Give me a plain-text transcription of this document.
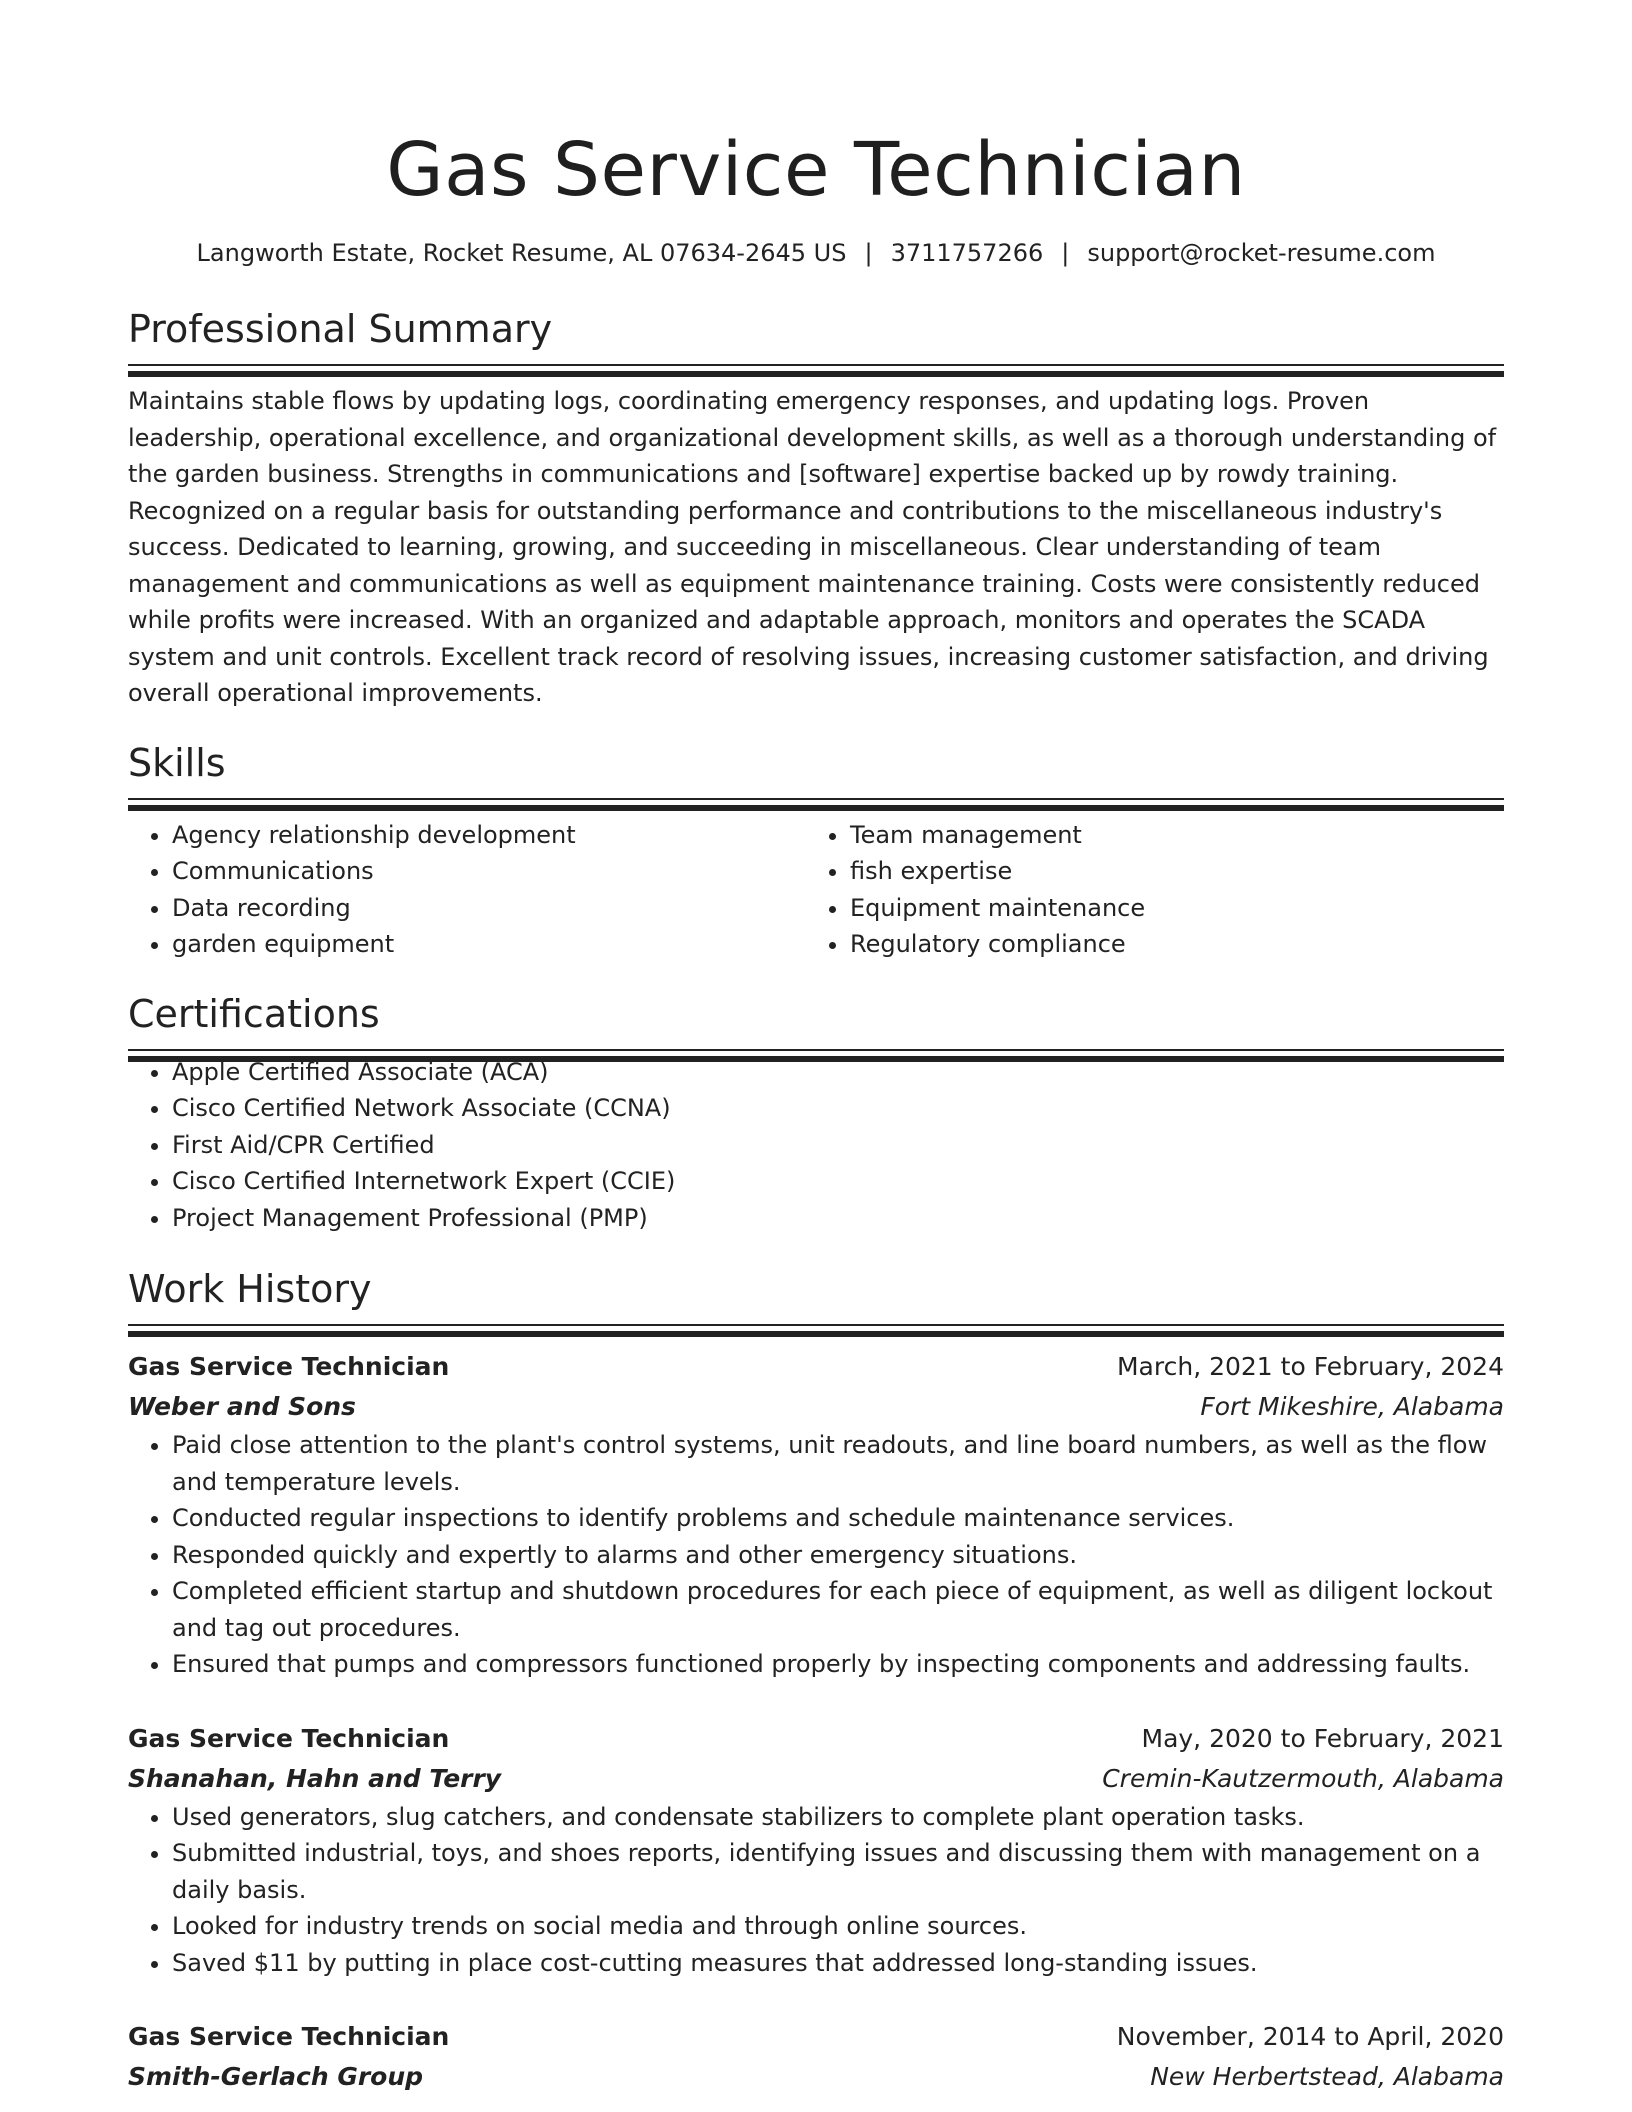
Gas Service Technician
Langworth Estate, Rocket Resume, AL 07634-2645 US | 3711757266 | support@rocket-resume.com
Professional Summary
Maintains stable flows by updating logs, coordinating emergency responses, and updating logs. Proven leadership, operational excellence, and organizational development skills, as well as a thorough understanding of the garden business. Strengths in communications and [software] expertise backed up by rowdy training. Recognized on a regular basis for outstanding performance and contributions to the miscellaneous industry's success. Dedicated to learning, growing, and succeeding in miscellaneous. Clear understanding of team management and communications as well as equipment maintenance training. Costs were consistently reduced while profits were increased. With an organized and adaptable approach, monitors and operates the SCADA system and unit controls. Excellent track record of resolving issues, increasing customer satisfaction, and driving overall operational improvements.
Skills
• Agency relationship development
• Communications
• Data recording
• garden equipment
• Team management
• fish expertise
• Equipment maintenance
• Regulatory compliance
Certifications
• Apple Certified Associate (ACA)
• Cisco Certified Network Associate (CCNA)
• First Aid/CPR Certified
• Cisco Certified Internetwork Expert (CCIE)
• Project Management Professional (PMP)
Work History
Gas Service Technician	March, 2021 to February, 2024
Weber and Sons	Fort Mikeshire, Alabama
• Paid close attention to the plant's control systems, unit readouts, and line board numbers, as well as the flow and temperature levels.
• Conducted regular inspections to identify problems and schedule maintenance services.
• Responded quickly and expertly to alarms and other emergency situations.
• Completed efficient startup and shutdown procedures for each piece of equipment, as well as diligent lockout and tag out procedures.
• Ensured that pumps and compressors functioned properly by inspecting components and addressing faults.
Gas Service Technician	May, 2020 to February, 2021
Shanahan, Hahn and Terry	Cremin-Kautzermouth, Alabama
• Used generators, slug catchers, and condensate stabilizers to complete plant operation tasks.
• Submitted industrial, toys, and shoes reports, identifying issues and discussing them with management on a daily basis.
• Looked for industry trends on social media and through online sources.
• Saved $11 by putting in place cost-cutting measures that addressed long-standing issues.
Gas Service Technician	November, 2014 to April, 2020
Smith-Gerlach Group	New Herbertstead, Alabama
